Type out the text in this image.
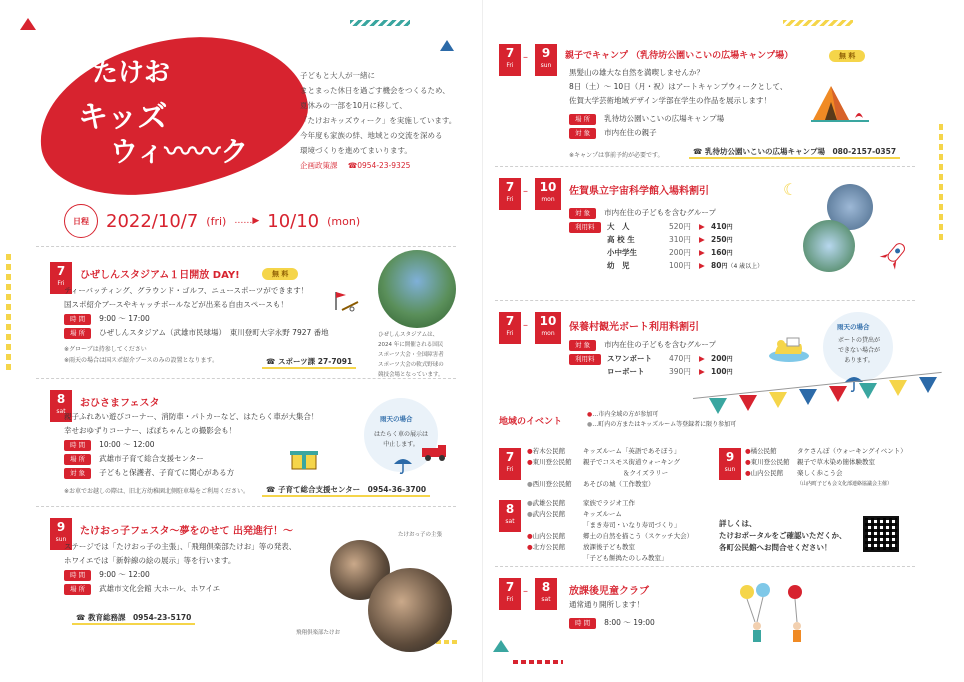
たけお
キッズ
ウィ〰〰ク
子どもと大人が一緒に
まとまった休日を過ごす機会をつくるため、
夏休みの一部を10月に移して、
「たけおキッズウィーク」を実施しています。
今年度も家族の絆、地域との交流を深める
環境づくりを進めてまいります。
企画政策課 ☎0954-23-9325
日程 2022/10/7 (fri) ……▶ 10/10 (mon)
7
Fri
ひぜしんスタジアム１日開放 DAY!	無 料
ティーバッティング、グラウンド・ゴルフ、ニュースポーツができます！
国スポ紹介ブースやキャッチボールなどが出来る自由スペースも！
時 間 9:00 ～ 17:00
場 所 ひぜしんスタジアム（武雄市民球場）　東川登町大字永野 7927 番地
※グローブは持参してください
※雨天の場合は国スポ紹介ブースのみの設置となります。	☎ スポーツ課 27-7091
ひぜしんスタジアムは、
2024 年に開催される国民
スポーツ大会・全国障害者
スポーツ大会の軟式野球の
競技会場となっています。
8
sat
おひさまフェスタ
親子ふれあい遊びコーナー、消防車・パトカーなど、はたらく車が大集合！
幸せおゆずりコーナー、ぱぽちゃんとの撮影会も！
時 間 10:00 ～ 12:00
場 所 武雄市子育て総合支援センター
対 象 子どもと保護者、子育てに関心がある方
※お車でお越しの際は、旧北方幼稚園北側駐車場をご利用ください。	☎ 子育て総合支援センター　0954-36-3700
雨天の場合
はたらく車の展示は
中止します。
9
sun
たけおっ子フェスタ～夢をのせて 出発進行！～
ステージでは「たけおっ子の主張」、「飛翔倶楽部たけお」等の発表、
ホワイエでは「新幹線の絵の展示」等を行います。
時 間 9:00 ～ 12:00
場 所 武雄市文化会館 大ホール、ホワイエ
☎ 教育総務課　0954-23-5170
たけおっ子の主張
飛翔倶楽部たけお
7
Fri
–	9
sun
親子でキャンプ （乳待坊公園いこいの広場キャンプ場）	無 料
黒髪山の雄大な自然を満喫しませんか？
8日（土）～ 10日（月・祝）はアートキャンプウィークとして、
佐賀大学芸術地域デザイン学部在学生の作品を展示します！
場 所 乳待坊公園いこいの広場キャンプ場
対 象 市内在住の親子
※キャンプは事前予約が必要です。	☎ 乳待坊公園いこいの広場キャンプ場　080-2157-0357
7
Fri
– 10
mon
佐賀県立宇宙科学館入場料割引
対 象 市内在住の子どもを含むグループ
利用料	大　人	520円	▶	410円
高 校 生	310円	▶	250円
小中学生	200円	▶	160円
幼　児	100円	▶	80円（4 歳以上）
☾
7
Fri
– 10
mon
保養村観光ボート利用料割引
対 象 市内在住の子どもを含むグループ
利用料	スワンボート	470円	▶	200円
ローボート	390円	▶	100円
雨天の場合
ボートの貸出が
できない場合が
あります。
地域のイベント
●…市内全域の方が参加可
●…町内の方またはキッズルーム等登録者に限り参加可
7
Fri
●若木公民館	キッズルーム「英語であそぼう」
●東川登公民館	親子でコスモス街道ウォーキング
	＆クイズラリー
●西川登公民館	あそびの城（工作教室）
8
sat
●武雄公民館	家族でラジオ工作
●武内公民館	キッズルーム
	「まき寿司・いなり寿司づくり」
●山内公民館	郷土の自然を描こう（スケッチ大会）
●北方公民館	放課後子ども教室
	「子ども餅搗たのしみ教室」
9
sun
●橘公民館	タケさんぽ（ウォーキングイベント）
●東川登公民館	親子で草木染め簡体験教室
●山内公民館	楽しく歩こう会
	（山内町子ども会文化部連絡協議会主催）
詳しくは、
たけおポータルをご確認いただくか、
各町公民館へお問合せください！
7
Fri
–	8
sat
放課後児童クラブ
通常通り開所します！
時 間 8:00 ～ 19:00
